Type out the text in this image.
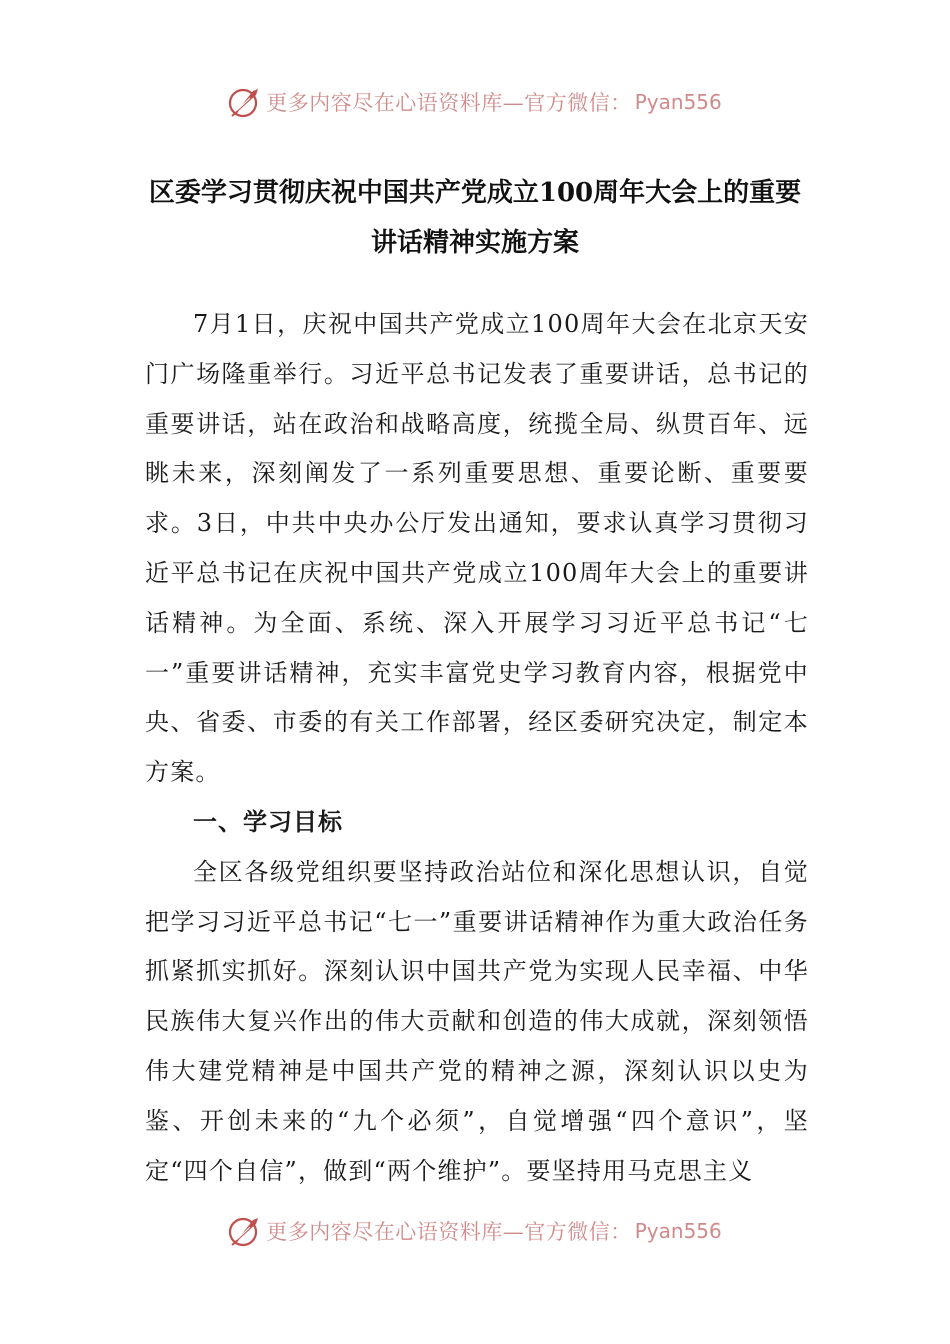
更多内容尽在心语资料库—官方微信： Pyan556
区委学习贯彻庆祝中国共产党成立100周年大会上的重要讲话精神实施方案

7月1日，庆祝中国共产党成立100周年大会在北京天安门广场隆重举行。习近平总书记发表了重要讲话，总书记的重要讲话，站在政治和战略高度，统揽全局、纵贯百年、远眺未来，深刻阐发了一系列重要思想、重要论断、重要要求。3日，中共中央办公厅发出通知，要求认真学习贯彻习近平总书记在庆祝中国共产党成立100周年大会上的重要讲话精神。为全面、系统、深入开展学习习近平总书记“七一”重要讲话精神，充实丰富党史学习教育内容，根据党中央、省委、市委的有关工作部署，经区委研究决定，制定本方案。

一、学习目标

全区各级党组织要坚持政治站位和深化思想认识，自觉把学习习近平总书记“七一”重要讲话精神作为重大政治任务抓紧抓实抓好。深刻认识中国共产党为实现人民幸福、中华民族伟大复兴作出的伟大贡献和创造的伟大成就，深刻领悟伟大建党精神是中国共产党的精神之源，深刻认识以史为鉴、开创未来的“九个必须”，自觉增强“四个意识”，坚定“四个自信”，做到“两个维护”。要坚持用马克思主义

更多内容尽在心语资料库—官方微信： Pyan556
